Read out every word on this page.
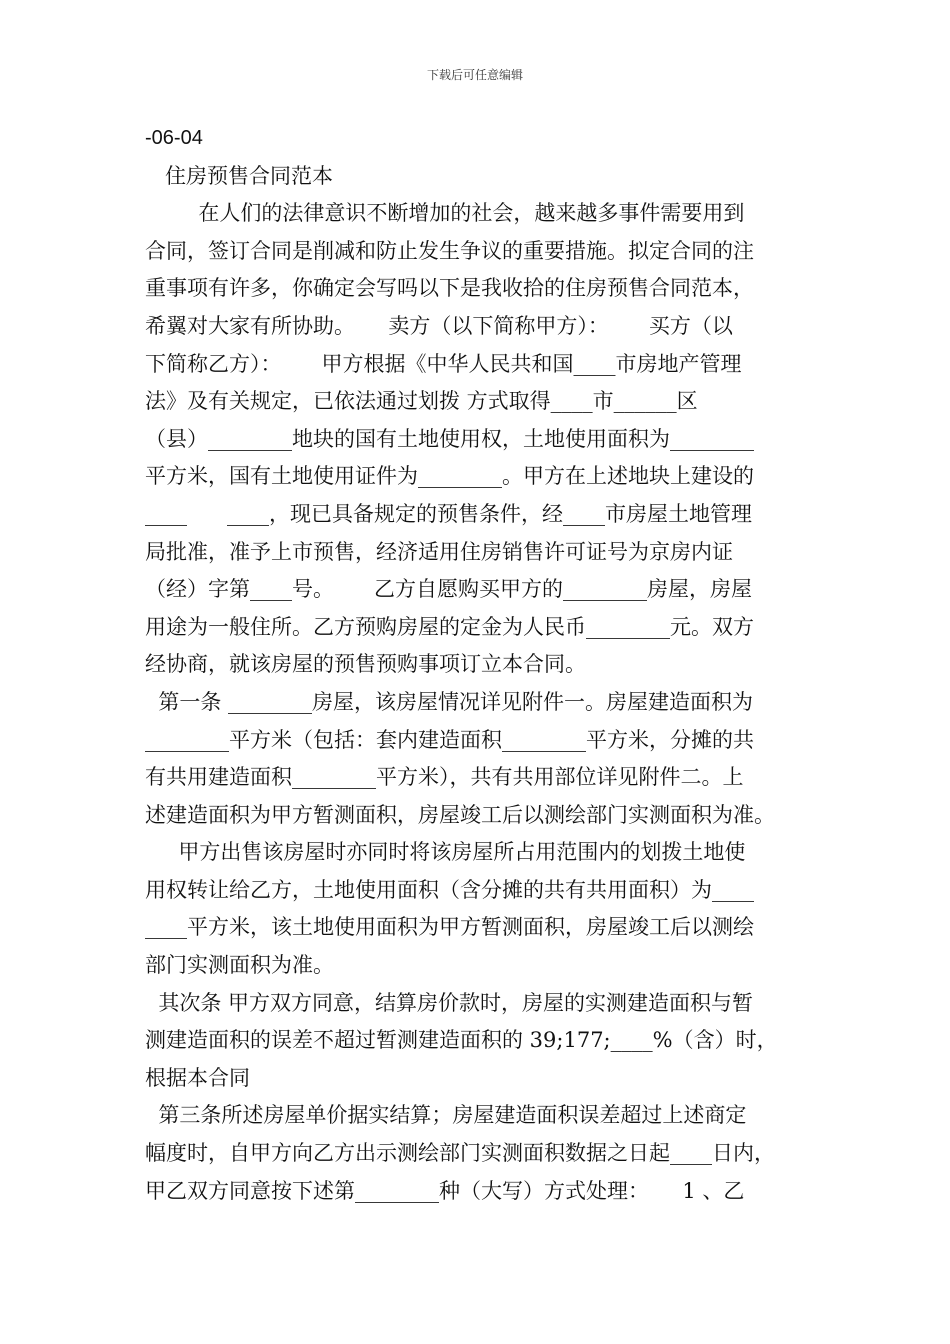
下载后可任意编辑
-06-04
住房预售合同范本
在人们的法律意识不断增加的社会，越来越多事件需要用到
合同，签订合同是削减和防止发生争议的重要措施。拟定合同的注
重事项有许多，你确定会写吗以下是我收拾的住房预售合同范本，
希翼对大家有所协助。     卖方（以下简称甲方）：      买方（以
下简称乙方）：      甲方根据《中华人民共和国____市房地产管理
法》及有关规定，已依法通过划拨 方式取得____市______区
（县）________地块的国有土地使用权，土地使用面积为________
平方米，国有土地使用证件为________。甲方在上述地块上建设的
____      ____，现已具备规定的预售条件，经____市房屋土地管理
局批准，准予上市预售，经济适用住房销售许可证号为京房内证
（经）字第____号。      乙方自愿购买甲方的________房屋，房屋
用途为一般住所。乙方预购房屋的定金为人民币________元。双方
经协商，就该房屋的预售预购事项订立本合同。
第一条 ________房屋，该房屋情况详见附件一。房屋建造面积为
________平方米（包括：套内建造面积________平方米，分摊的共
有共用建造面积________平方米），共有共用部位详见附件二。上
述建造面积为甲方暂测面积，房屋竣工后以测绘部门实测面积为准。
甲方出售该房屋时亦同时将该房屋所占用范围内的划拨土地使
用权转让给乙方，土地使用面积（含分摊的共有共用面积）为____
____平方米，该土地使用面积为甲方暂测面积，房屋竣工后以测绘
部门实测面积为准。
其次条 甲方双方同意，结算房价款时，房屋的实测建造面积与暂
测建造面积的误差不超过暂测建造面积的 39;177;____%（含）时，
根据本合同
第三条所述房屋单价据实结算；房屋建造面积误差超过上述商定
幅度时，自甲方向乙方出示测绘部门实测面积数据之日起____日内，
甲乙双方同意按下述第________种（大写）方式处理：     1 、乙
